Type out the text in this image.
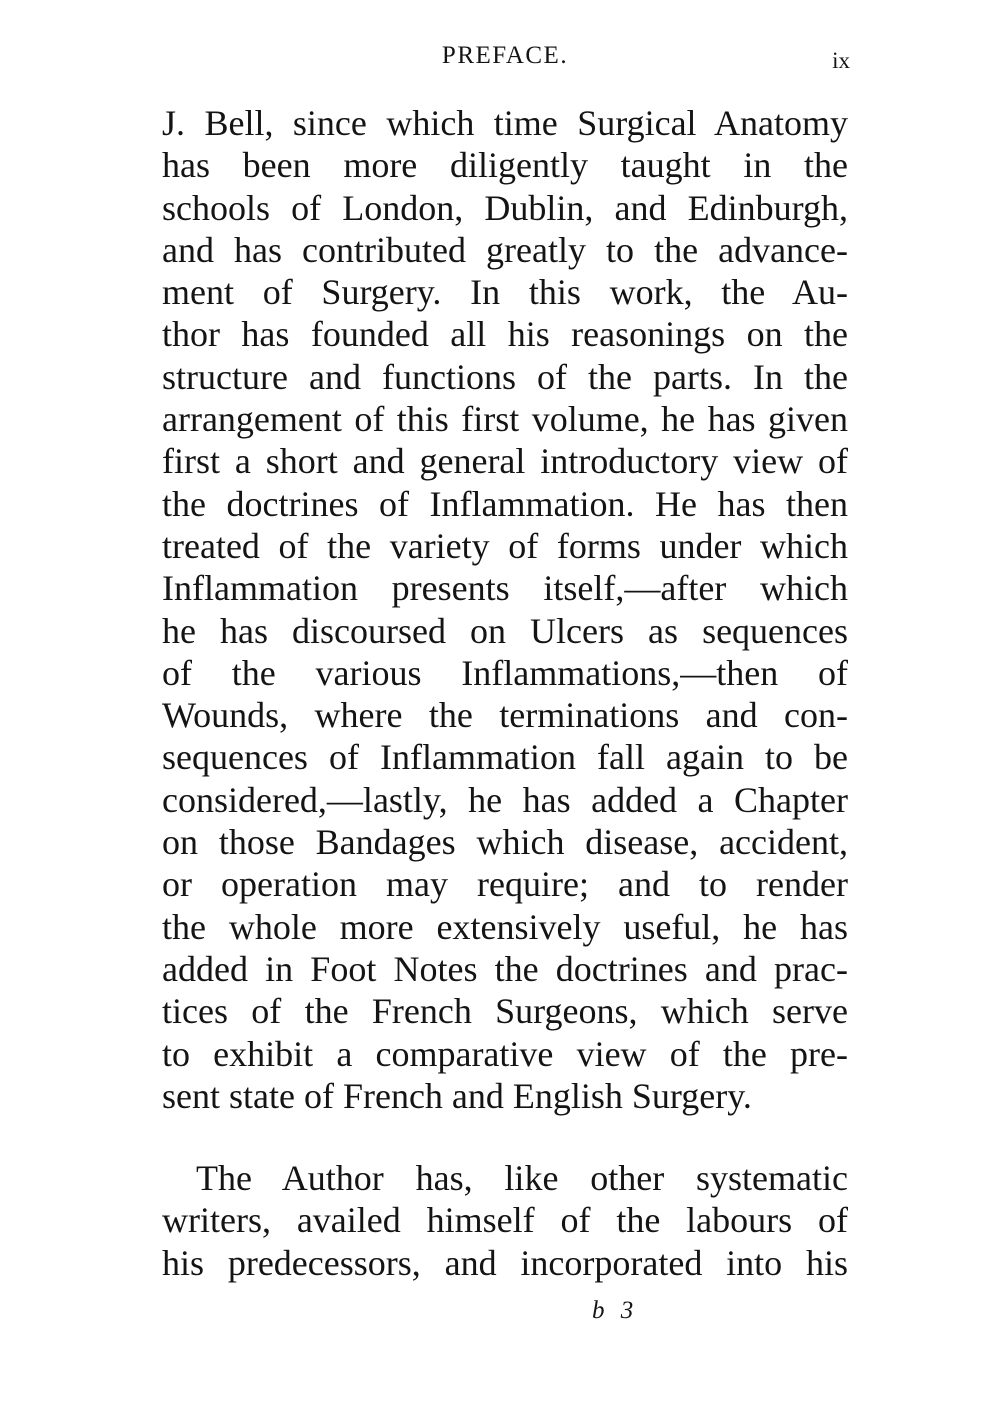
PREFACE.	ix
J. Bell, since which time Surgical Anatomy
has been more diligently taught in the
schools of London, Dublin, and Edinburgh,
and has contributed greatly to the advance-
ment of Surgery. In this work, the Au-
thor has founded all his reasonings on the
structure and functions of the parts. In the
arrangement of this first volume, he has given
first a short and general introductory view of
the doctrines of Inflammation. He has then
treated of the variety of forms under which
Inflammation presents itself,—after which
he has discoursed on Ulcers as sequences
of the various Inflammations,—then of
Wounds, where the terminations and con-
sequences of Inflammation fall again to be
considered,—lastly, he has added a Chapter
on those Bandages which disease, accident,
or operation may require; and to render
the whole more extensively useful, he has
added in Foot Notes the doctrines and prac-
tices of the French Surgeons, which serve
to exhibit a comparative view of the pre-
sent state of French and English Surgery.
The Author has, like other systematic
writers, availed himself of the labours of
his predecessors, and incorporated into his
b 3
